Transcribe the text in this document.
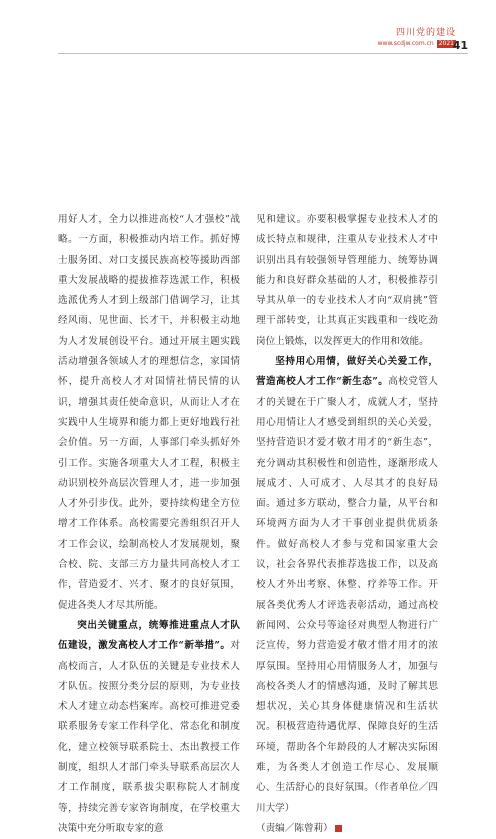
四川党的建设
www.scdjw.com.cn 2021
41

用好人才，全力以推进高校“人才强校”战略。一方面，积极推动内培工作。抓好博士服务团、对口支援民族高校等援助西部重大发展战略的提拔推荐选派工作，积极选派优秀人才到上级部门借调学习，让其经风雨、见世面、长才干，并积极主动地为人才发展创设平台。通过开展主题实践活动增强各领域人才的理想信念，家国情怀，提升高校人才对国情社情民情的认识，增强其责任使命意识，从而让人才在实践中人生境界和能力都上更好地践行社会价值。另一方面，人事部门牵头抓好外引工作。实施各项重大人才工程，积极主动识别校外高层次管理人才，进一步加强人才外引步伐。此外，要持续构建全方位增才工作体系。高校需要完善组织召开人才工作会议，绘制高校人才发展规划，聚合校、院、支部三方力量共同高校人才工作，营造爱才、兴才、聚才的良好氛围，促进各类人才尽其所能。

突出关键重点，统筹推进重点人才队伍建设，激发高校人才工作“新举措”。对高校而言，人才队伍的关键是专业技术人才队伍。按照分类分层的原则，为专业技术人才建立动态档案库。高校可推进党委联系服务专家工作科学化、常态化和制度化，建立校领导联系院士、杰出教授工作制度，组织人才部门牵头导联系高层次人才工作制度，联系拔尖职称院人才制度等，持续完善专家咨询制度，在学校重大决策中充分听取专家的意

见和建议。亦要积极掌握专业技术人才的成长特点和规律，注重从专业技术人才中识别出具有较强领导管理能力、统筹协调能力和良好群众基础的人才，积极推荐引导其从单一的专业技术人才向“双肩挑”管理干部转变，让其真正实践重和一线吃劲岗位上锻炼，以发挥更大的作用和效能。

坚持用心用情，做好关心关爱工作，营造高校人才工作“新生态”。高校党管人才的关键在于广聚人才，成就人才，坚持用心用情让人才感受到组织的关心关爱，坚持营造识才爱才敬才用才的“新生态”，充分调动其积极性和创造性，逐渐形成人展成才、人可成才、人尽其才的良好局面。通过多方联动，整合力量，从平台和环境两方面为人才干事创业提供优质条件。做好高校人才参与党和国家重大会议，社会各界代表推荐选拔工作，以及高校人才外出考察、休整、疗养等工作。开展各类优秀人才评选表彰活动，通过高校新闻网、公众号等途径对典型人物进行广泛宣传，努力营造爱才敬才惜才用才的浓厚氛围。坚持用心用情服务人才，加强与高校各类人才的情感沟通，及时了解其思想状况，关心其身体健康情况和生活状况。积极营造待遇优厚、保障良好的生活环境，帮助各个年龄段的人才解决实际困难，为各类人才创造工作尽心、发展顺心、生活舒心的良好氛围。（作者单位／四川大学）

（责编／陈曾莉）
